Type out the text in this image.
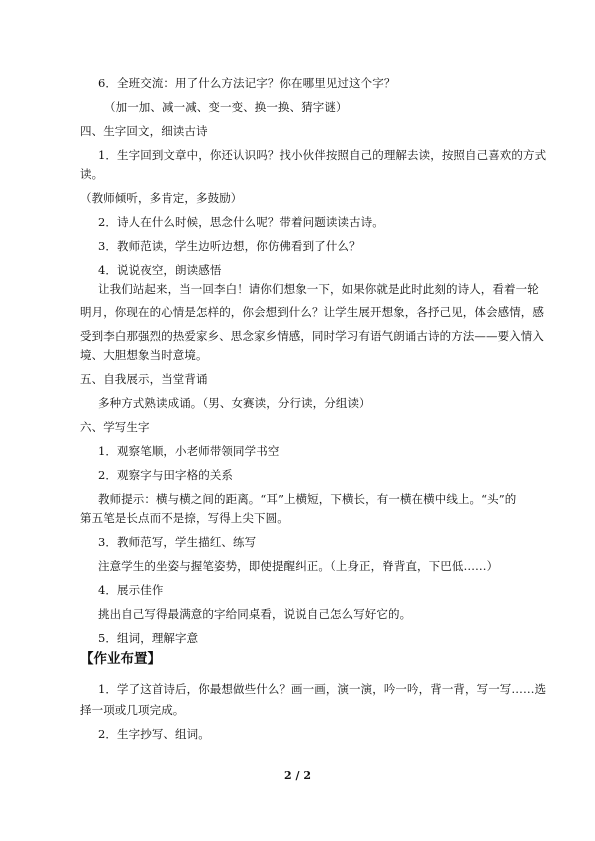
6．全班交流：用了什么方法记字？你在哪里见过这个字？
（加一加、减一减、变一变、换一换、猜字谜）
四、生字回文，细读古诗
1．生字回到文章中，你还认识吗？找小伙伴按照自己的理解去读，按照自己喜欢的方式
读。
（教师倾听，多肯定，多鼓励）
2．诗人在什么时候，思念什么呢？带着问题读读古诗。
3．教师范读，学生边听边想，你仿佛看到了什么？
4．说说夜空，朗读感悟
让我们站起来，当一回李白！请你们想象一下，如果你就是此时此刻的诗人，看着一轮
明月，你现在的心情是怎样的，你会想到什么？让学生展开想象，各抒己见，体会感情，感
受到李白那强烈的热爱家乡、思念家乡情感，同时学习有语气朗诵古诗的方法——要入情入
境、大胆想象当时意境。
五、自我展示，当堂背诵
多种方式熟读成诵。（男、女赛读，分行读，分组读）
六、学写生字
1．观察笔顺，小老师带领同学书空
2．观察字与田字格的关系
教师提示：横与横之间的距离。“耳”上横短，下横长，有一横在横中线上。“头”的
第五笔是长点而不是捺，写得上尖下圆。
3．教师范写，学生描红、练写
注意学生的坐姿与握笔姿势，即使提醒纠正。（上身正，脊背直，下巴低……）
4．展示佳作
挑出自己写得最满意的字给同桌看，说说自己怎么写好它的。
5．组词，理解字意
【作业布置】
1．学了这首诗后，你最想做些什么？画一画，演一演，吟一吟，背一背，写一写……选
择一项或几项完成。
2．生字抄写、组词。
2 / 2
